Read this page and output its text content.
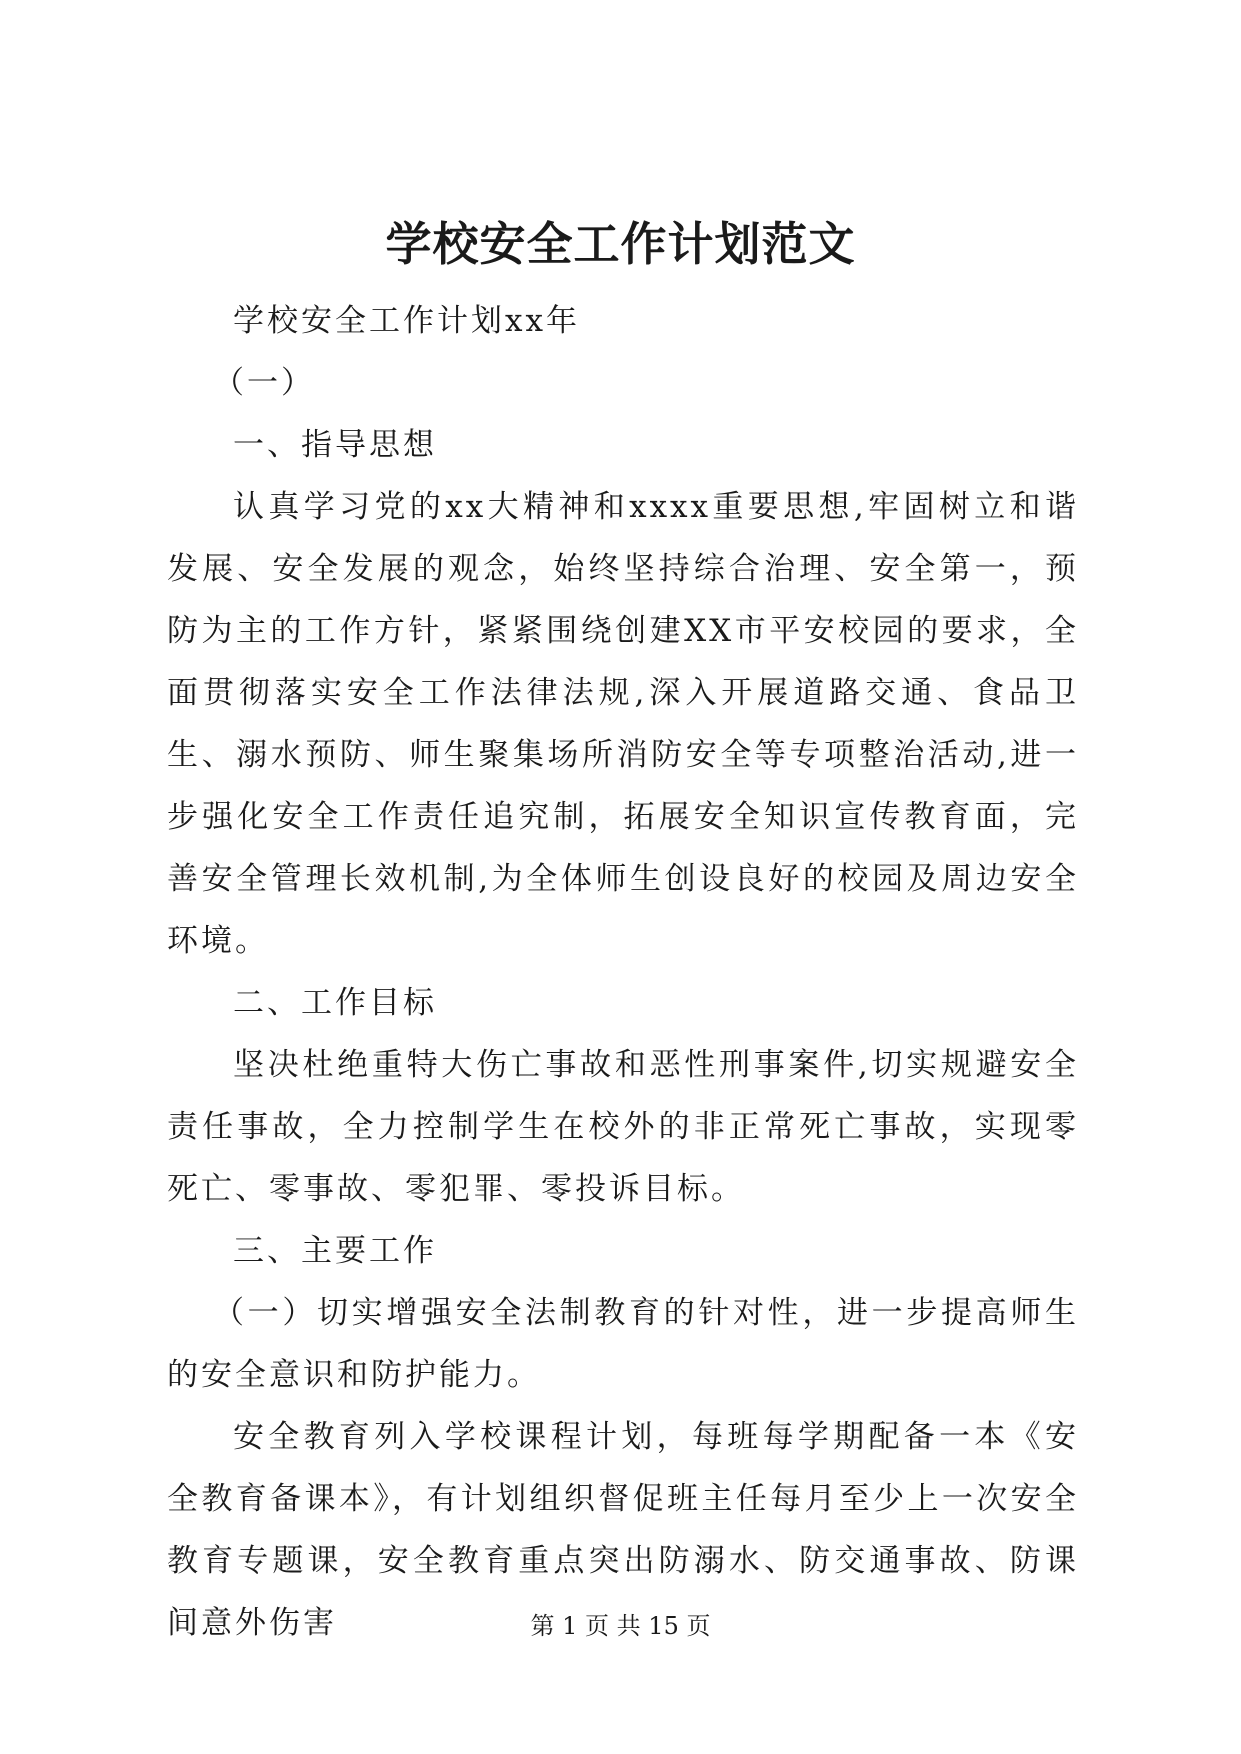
学校安全工作计划范文

学校安全工作计划xx年

（一）

一、指导思想

认真学习党的xx大精神和xxxx重要思想,牢固树立和谐发展、安全发展的观念，始终坚持综合治理、安全第一，预防为主的工作方针，紧紧围绕创建XX市平安校园的要求，全面贯彻落实安全工作法律法规,深入开展道路交通、食品卫生、溺水预防、师生聚集场所消防安全等专项整治活动,进一步强化安全工作责任追究制，拓展安全知识宣传教育面，完善安全管理长效机制,为全体师生创设良好的校园及周边安全环境。

二、工作目标

坚决杜绝重特大伤亡事故和恶性刑事案件,切实规避安全责任事故，全力控制学生在校外的非正常死亡事故，实现零死亡、零事故、零犯罪、零投诉目标。

三、主要工作

（一）切实增强安全法制教育的针对性，进一步提高师生的安全意识和防护能力。

安全教育列入学校课程计划，每班每学期配备一本《安全教育备课本》，有计划组织督促班主任每月至少上一次安全教育专题课，安全教育重点突出防溺水、防交通事故、防课间意外伤害	第 1 页 共 15 页
